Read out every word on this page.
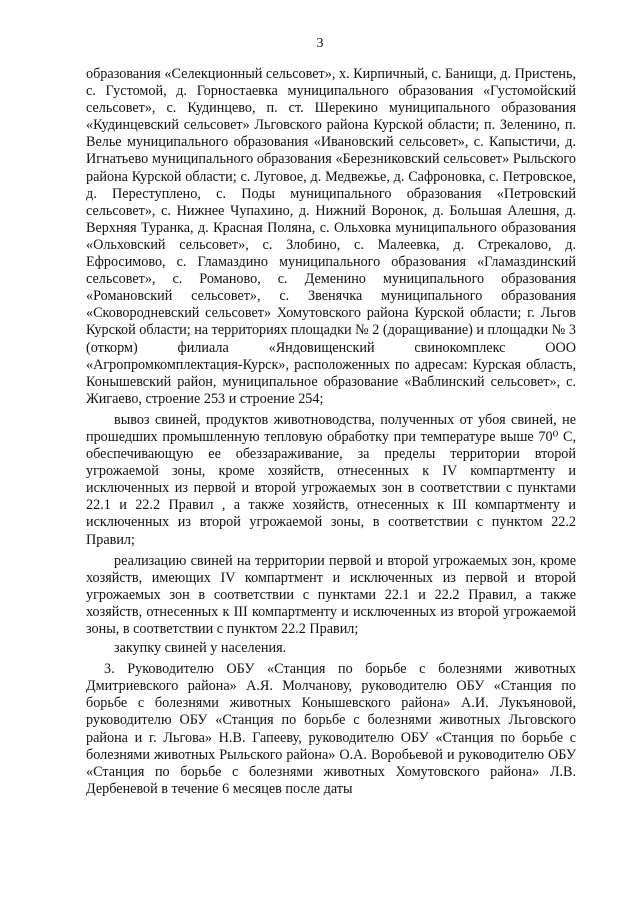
3

образования «Селекционный сельсовет», х. Кирпичный, с. Банищи, д. Пристень, с. Густомой, д. Горностаевка муниципального образования «Густомойский сельсовет», с. Кудинцево, п. ст. Шерекино муниципального образования «Кудинцевский сельсовет» Льговского района Курской области; п. Зеленино, п. Велье муниципального образования «Ивановский сельсовет», с. Капыстичи, д. Игнатьево муниципального образования «Березниковский сельсовет» Рыльского района Курской области; с. Луговое, д. Медвежье, д. Сафроновка, с. Петровское, д. Переступлено, с. Поды муниципального образования «Петровский сельсовет», с. Нижнее Чупахино, д. Нижний Воронок, д. Большая Алешня, д. Верхняя Туранка, д. Красная Поляна, с. Ольховка муниципального образования «Ольховский сельсовет», с. Злобино, с. Малеевка, д. Стрекалово, д. Ефросимово, с. Гламаздино муниципального образования «Гламаздинский сельсовет», с. Романово, с. Деменино муниципального образования «Романовский сельсовет», с. Звенячка муниципального образования «Сковородневский сельсовет» Хомутовского района Курской области; г. Льгов Курской области; на территориях площадки № 2 (доращивание) и площадки № 3 (откорм) филиала «Яндовищенский свинокомплекс ООО «Агропромкомплектация-Курск», расположенных по адресам: Курская область, Конышевский район, муниципальное образование «Ваблинский сельсовет», с. Жигаево, строение 253 и строение 254;

вывоз свиней, продуктов животноводства, полученных от убоя свиней, не прошедших промышленную тепловую обработку при температуре выше 70⁰ С, обеспечивающую ее обеззараживание, за пределы территории второй угрожаемой зоны, кроме хозяйств, отнесенных к IV компартменту и исключенных из первой и второй угрожаемых зон в соответствии с пунктами 22.1 и 22.2 Правил , а также хозяйств, отнесенных к III компартменту и исключенных из второй угрожаемой зоны, в соответствии с пунктом 22.2 Правил;

реализацию свиней на территории первой и второй угрожаемых зон, кроме хозяйств, имеющих IV компартмент и исключенных из первой и второй угрожаемых зон в соответствии с пунктами 22.1 и 22.2 Правил, а также хозяйств, отнесенных к III компартменту и исключенных из второй угрожаемой зоны, в соответствии с пунктом 22.2 Правил;

закупку свиней у населения.

3. Руководителю ОБУ «Станция по борьбе с болезнями животных Дмитриевского района» А.Я. Молчанову, руководителю ОБУ «Станция по борьбе с болезнями животных Конышевского района» А.И. Лукъяновой, руководителю ОБУ «Станция по борьбе с болезнями животных Льговского района и г. Льгова» Н.В. Гапееву, руководителю ОБУ «Станция по борьбе с болезнями животных Рыльского района» О.А. Воробьевой и руководителю ОБУ «Станция по борьбе с болезнями животных Хомутовского района» Л.В. Дербеневой в течение 6 месяцев после даты
